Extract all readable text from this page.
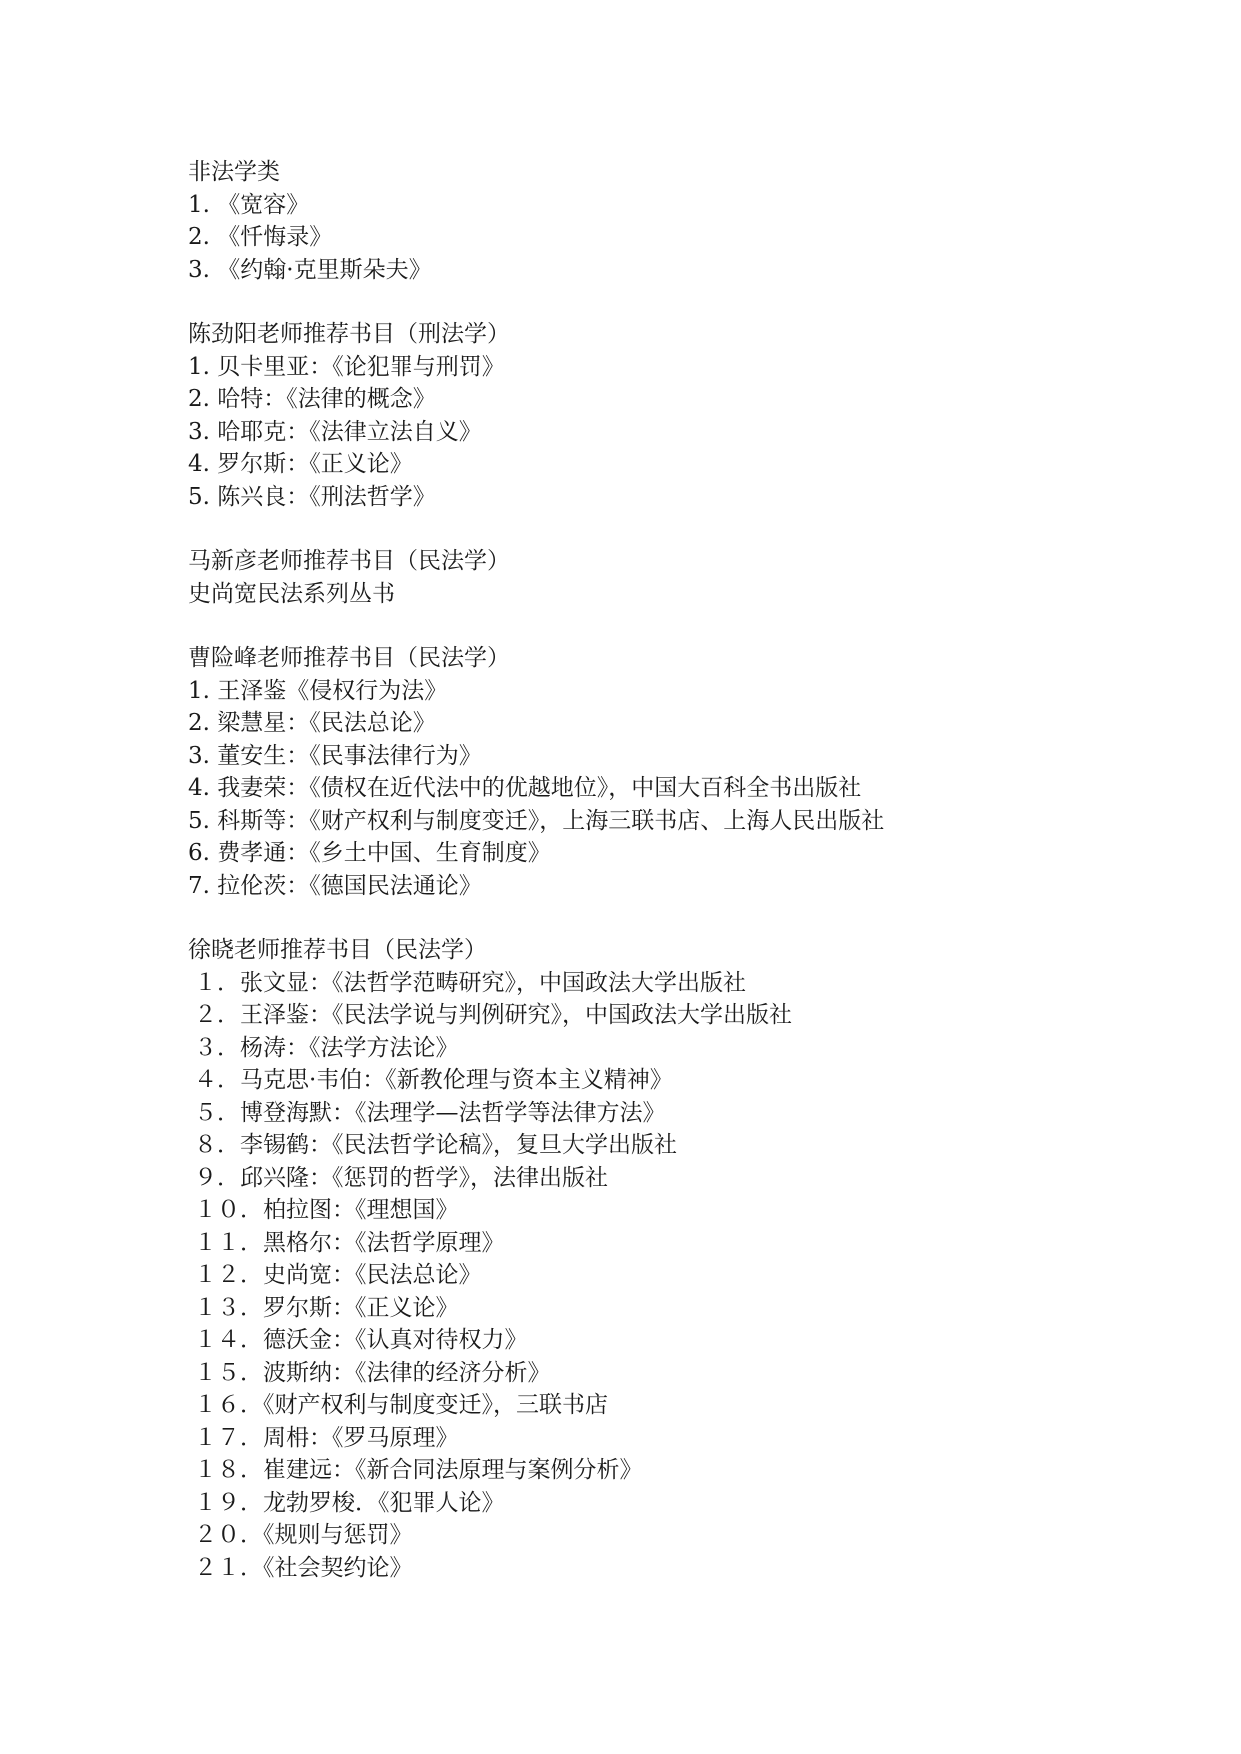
非法学类
1. 《宽容》
2. 《忏悔录》
3. 《约翰·克里斯朵夫》
陈劲阳老师推荐书目（刑法学）
1. 贝卡里亚：《论犯罪与刑罚》
2. 哈特：《法律的概念》
3. 哈耶克：《法律立法自义》
4. 罗尔斯：《正义论》
5. 陈兴良：《刑法哲学》
马新彦老师推荐书目（民法学）
史尚宽民法系列丛书
曹险峰老师推荐书目（民法学）
1. 王泽鉴《侵权行为法》
2. 梁慧星：《民法总论》
3. 董安生：《民事法律行为》
4. 我妻荣：《债权在近代法中的优越地位》，中国大百科全书出版社
5. 科斯等：《财产权利与制度变迁》，上海三联书店、上海人民出版社
6. 费孝通：《乡土中国、生育制度》
7. 拉伦茨：《德国民法通论》
徐晓老师推荐书目（民法学）
１．张文显：《法哲学范畴研究》，中国政法大学出版社
２．王泽鉴：《民法学说与判例研究》，中国政法大学出版社
３．杨涛：《法学方法论》
４．马克思·韦伯：《新教伦理与资本主义精神》
５．博登海默：《法理学—法哲学等法律方法》
８．李锡鹤：《民法哲学论稿》，复旦大学出版社
９．邱兴隆：《惩罚的哲学》，法律出版社
１０．柏拉图：《理想国》
１１．黑格尔：《法哲学原理》
１２．史尚宽：《民法总论》
１３．罗尔斯：《正义论》
１４．德沃金：《认真对待权力》
１５．波斯纳：《法律的经济分析》
１６．《财产权利与制度变迁》，三联书店
１７．周枏：《罗马原理》
１８．崔建远：《新合同法原理与案例分析》
１９．龙勃罗梭．《犯罪人论》
２０．《规则与惩罚》
２１．《社会契约论》
